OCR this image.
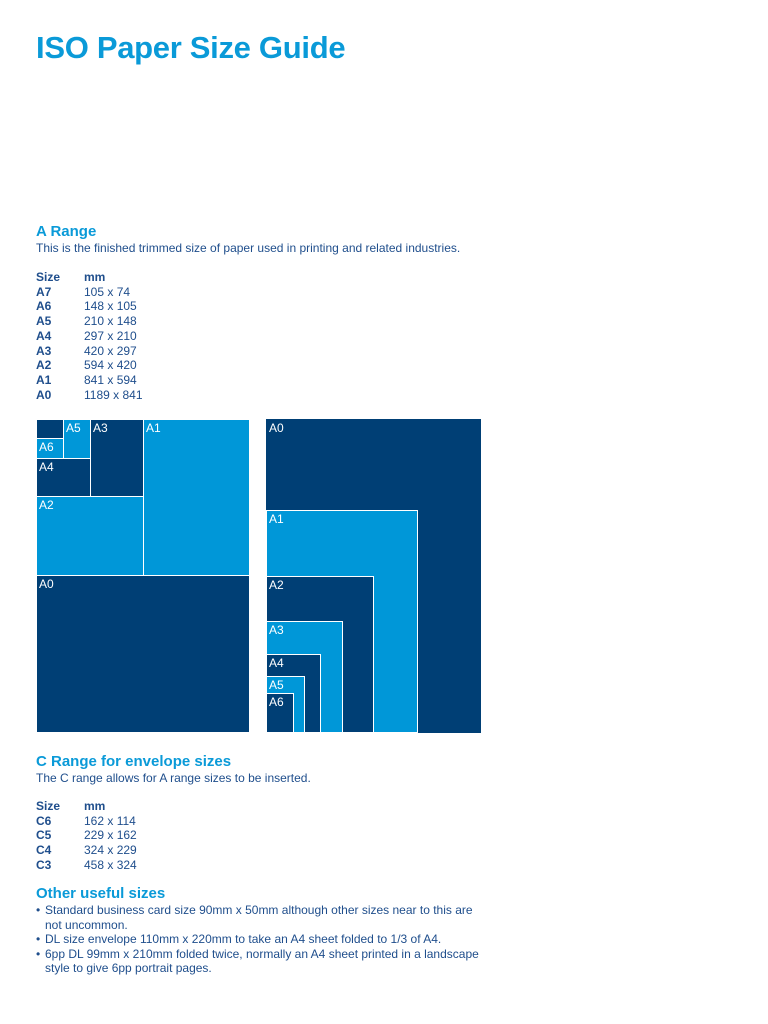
ISO Paper Size Guide
A Range

This is the finished trimmed size of paper used in printing and related industries.

Size	mm
A7	105 x 74
A6	148 x 105
A5	210 x 148
A4	297 x 210
A3	420 x 297
A2	594 x 420
A1	841 x 594
A0	1189 x 841
A0
A1
A2
A3
A4
A5
A6
A0
A1
A2
A3
A4
A5
A6
C Range for envelope sizes

The C range allows for A range sizes to be inserted.

Size	mm
C6	162 x 114
C5	229 x 162
C4	324 x 229
C3	458 x 324
Other useful sizes
• Standard business card size 90mm x 50mm although other sizes near to this are not uncommon.
• DL size envelope 110mm x 220mm to take an A4 sheet folded to 1/3 of A4.
• 6pp DL 99mm x 210mm folded twice, normally an A4 sheet printed in a landscape style to give 6pp portrait pages.
